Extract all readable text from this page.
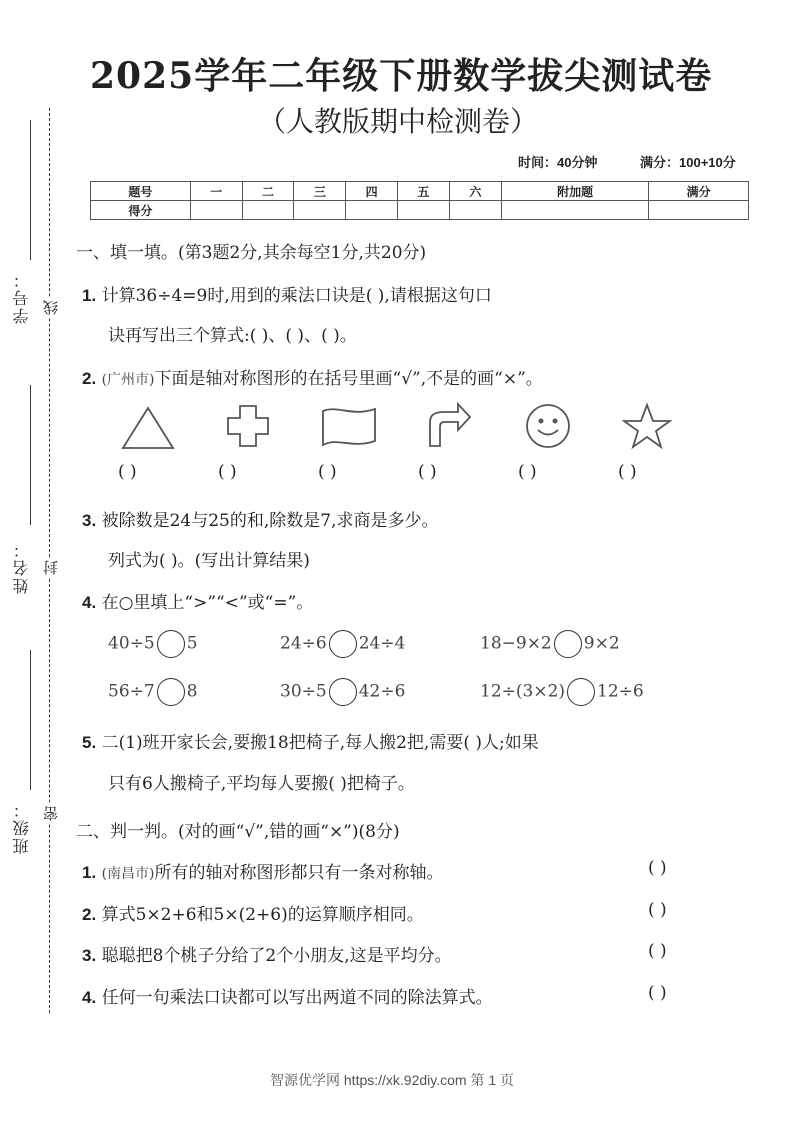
学号：
姓名：
班级：
线
封
密
2025学年二年级下册数学拔尖测试卷
（人教版期中检测卷）
时间：40分钟	满分：100+10分
题号	一	二	三	四	五	六	附加题	满分
得分								
一、填一填。(第3题2分,其余每空1分,共20分)
1. 计算36÷4=9时,用到的乘法口诀是( ),请根据这句口
诀再写出三个算式:( )、( )、( )。
2. (广州市)下面是轴对称图形的在括号里画“√”,不是的画“×”。
( )	( )	( )	( )	( )	( )
3. 被除数是24与25的和,除数是7,求商是多少。
列式为( )。(写出计算结果)
4. 在○里填上“>”“<”或“=”。
40÷5 5	24÷6 24÷4	18−9×2 9×2
56÷7 8	30÷5 42÷6	12÷(3×2) 12÷6
5. 二(1)班开家长会,要搬18把椅子,每人搬2把,需要( )人;如果
只有6人搬椅子,平均每人要搬( )把椅子。
二、判一判。(对的画“√”,错的画“×”)(8分)
1. (南昌市)所有的轴对称图形都只有一条对称轴。	( )
2. 算式5×2+6和5×(2+6)的运算顺序相同。	( )
3. 聪聪把8个桃子分给了2个小朋友,这是平均分。	( )
4. 任何一句乘法口诀都可以写出两道不同的除法算式。	( )
智源优学网 https://xk.92diy.com 第 1 页
